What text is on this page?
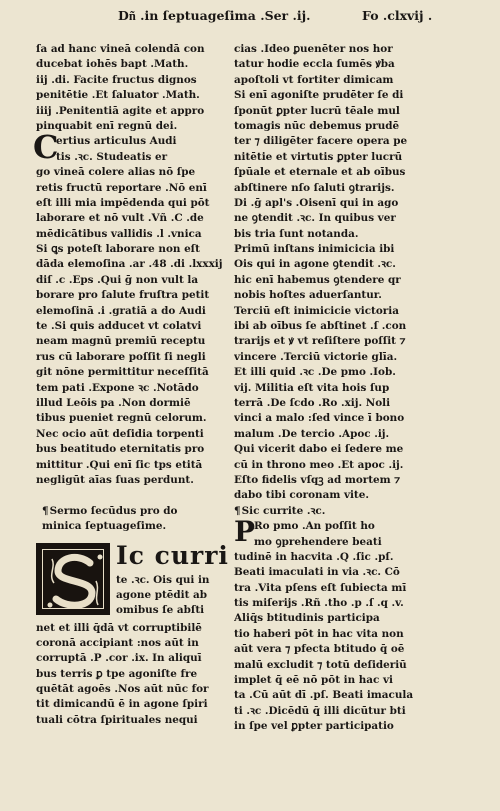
Dn͂ .in ſeptuageſima .Ser .ij.	Fo .clxvij .
ſa ad hanc vineā colendā con
ducebat iohēs bapt .Math.
iij .di. Facite fructus dignos
penitētie .Et ſaluator .Math.
iiij .Penitentiā agite et appro
pinquabit enī regnū dei.
C
ertius articulus Audi
tis .ꝛc. Studeatis er
go vineā colere alias nō ſpe
retis fructū reportare .Nō enī
eſt illi mia impēdenda qui pōt
laborare et nō vult .Vñ .C .de
mēdicātibus vallidis .l .vnica
Si ꝗs poteſt laborare non eſt
dāda elemoſina .ar .48 .di .lxxxij
diſ .c .Eps .Qui ḡ non vult la
borare pro ſalute fruſtra petit
elemoſinā .i .gratiā a do Audi
te .Si quis adducet vt colatvi
neam magnū premiū receptu
rus cū laborare poſſit ſi negli
git nōne permittitur neceſſitā
tem pati .Expone ꝛc .Notādo
illud Leōis pa .Non dormiē
tibus pueniet regnū celorum.
Nec ocio aūt deſidia torpenti
bus beatitudo eternitatis pro
mittitur .Qui enī ſic tps etitā
negligūt aīas ſuas perdunt.
¶Sermo ſecūdus pro do
minica ſeptuageſime.
Ic curri
te .ꝛc. Ois qui in
agone ptēdit ab
omibus ſe abſti
net et illi q̄dā vt corruptibilē
coronā accipiant :nos aūt in
corruptā .P .cor .ix. In aliquī
bus terris ꝑ tpe agoniſte fre
quētāt agoēs .Nos aūt nūc for
tit dimicandū ē in agone ſpiri
tuali cōtra ſpirituales nequi
cias .Ideo ꝑuenēter nos hor
tatur hodie eccla ſumēs ꝟba
apoſtoli vt fortiter dimicam
Si enī agoniſte prudēter ſe di
ſponūt ꝑpter lucrū tēale mul
tomagis nūc debemus prudē
ter ⁊ diligēter facere opera pe
nitētie et virtutis ꝑpter lucrū
ſpūale et eternale et ab oībus
abſtinere nſo ſaluti ꝯtrarijs.
Di .ḡ apl's .Oisenī qui in ago
ne ꝯtendit .ꝛc. In quibus ver
bis tria ſunt notanda.
Primū inſtans inimicicia ibi
Ois qui in agone ꝯtendit .ꝛc.
hic enī habemus ꝯtendere qr
nobis hoſtes aduerſantur.
Terciū eſt inimicicie victoria
ibi ab oībus ſe abſtinet .ſ .con
trarijs et ꝟ vt reſiſtere poſſit ⁊
vincere .Terciū victorie glīa.
Et illi quid .ꝛc .De pmo .Iob.
vij. Militia eſt vita hois ſup
terrā .De ſcdo .Ro .xij. Noli
vinci a malo :ſed vince ī bono
malum .De tercio .Apoc .ij.
Qui vicerit dabo ei ſedere me
cū in throno meo .Et apoc .ij.
Eſto fidelis vſqꝫ ad mortem ⁊
dabo tibi coronam vite.
¶Sic currite .ꝛc.
P
Ro pmo .An poſſit ho
mo ꝯprehendere beati
tudinē in hacvita .Q .ſic .pſ.
Beati imaculati in via .ꝛc. Cō
tra .Vita pſens eſt ſubiecta mī
tis miſerijs .Rñ .tho .p .ſ .q .v.
Aliq̄s btitudinis participa
tio haberi pōt in hac vita non
aūt vera ⁊ pfecta btitudo q̄ oē
malū excludit ⁊ totū deſideriū
implet q̄ eē nō pōt in hac vi
ta .Cū aūt dī .pſ. Beati imacula
ti .ꝛc .Dicēdū q̄ illi dicūtur bti
in ſpe vel ꝑpter participatio
